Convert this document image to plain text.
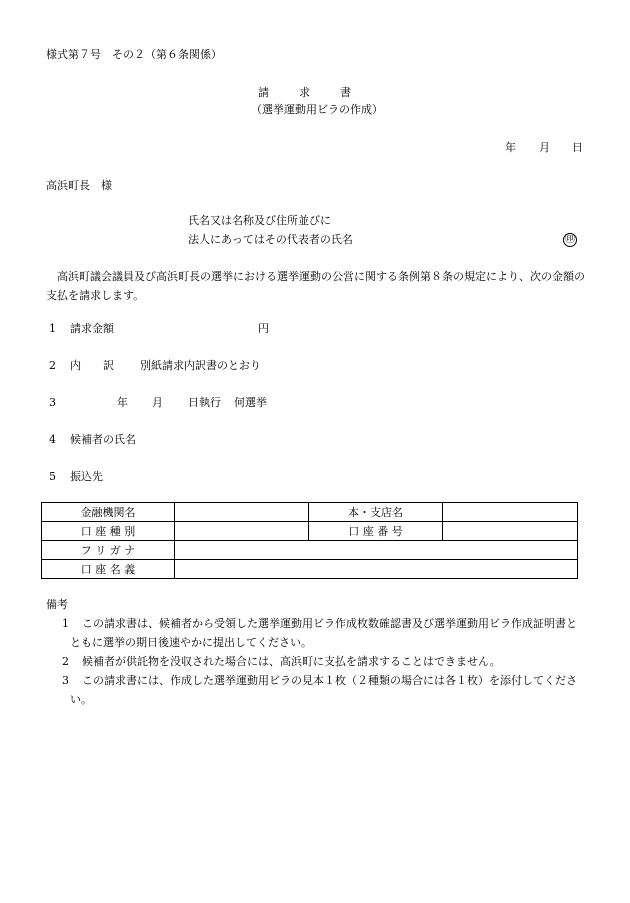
様式第７号　その２（第６条関係）
請求書
（選挙運動用ビラの作成）
年 月 日
高浜町長　様
氏名又は名称及び住所並びに
法人にあってはその代表者の氏名	㊞
高浜町議会議員及び高浜町長の選挙における選挙運動の公営に関する条例第８条の規定により、次の金額の支払を請求します。
1 請求金額	円
2 内　　訳 別紙請求内訳書のとおり
3	年 月 日執行 何選挙
4 候補者の氏名
5 振込先
金融機関名		本・支店名	
口 座 種 別		口 座 番 号	
フ リ ガ ナ			
口 座 名 義			
備考
1	この請求書は、候補者から受領した選挙運動用ビラ作成枚数確認書及び選挙運動用ビラ作成証明書とともに選挙の期日後速やかに提出してください。
2 候補者が供託物を没収された場合には、高浜町に支払を請求することはできません。
3	この請求書には、作成した選挙運動用ビラの見本１枚（２種類の場合には各１枚）を添付してください。
